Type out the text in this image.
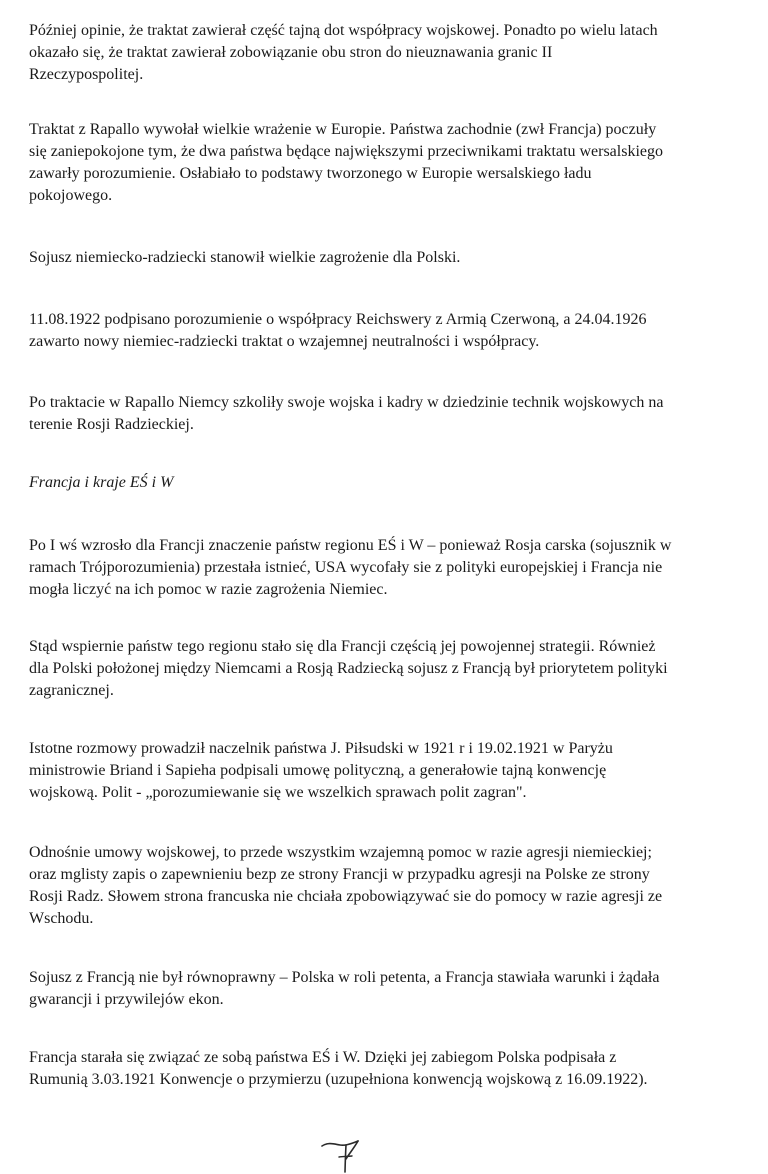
Później opinie, że traktat zawierał część tajną dot współpracy wojskowej. Ponadto po wielu latach
okazało się, że traktat zawierał zobowiązanie obu stron do nieuznawania granic II
Rzeczypospolitej.

Traktat z Rapallo wywołał wielkie wrażenie w Europie. Państwa zachodnie (zwł Francja) poczuły
się zaniepokojone tym, że dwa państwa będące największymi przeciwnikami traktatu wersalskiego
zawarły porozumienie. Osłabiało to podstawy tworzonego w Europie wersalskiego ładu
pokojowego.

Sojusz niemiecko-radziecki stanowił wielkie zagrożenie dla Polski.

11.08.1922 podpisano porozumienie o współpracy Reichswery z Armią Czerwoną, a 24.04.1926
zawarto nowy niemiec-radziecki traktat o wzajemnej neutralności i współpracy.

Po traktacie w Rapallo Niemcy szkoliły swoje wojska i kadry w dziedzinie technik wojskowych na
terenie Rosji Radzieckiej.

Francja i kraje EŚ i W

Po I wś wzrosło dla Francji znaczenie państw regionu EŚ i W – ponieważ Rosja carska (sojusznik w
ramach Trójporozumienia) przestała istnieć, USA wycofały sie z polityki europejskiej i Francja nie
mogła liczyć na ich pomoc w razie zagrożenia Niemiec.

Stąd wspiernie państw tego regionu stało się dla Francji częścią jej powojennej strategii. Również
dla Polski położonej między Niemcami a Rosją Radziecką sojusz z Francją był priorytetem polityki
zagranicznej.

Istotne rozmowy prowadził naczelnik państwa J. Piłsudski w 1921 r i 19.02.1921 w Paryżu
ministrowie Briand i Sapieha podpisali umowę polityczną, a generałowie tajną konwencję
wojskową. Polit - „porozumiewanie się we wszelkich sprawach polit zagran".

Odnośnie umowy wojskowej, to przede wszystkim wzajemną pomoc w razie agresji niemieckiej;
oraz mglisty zapis o zapewnieniu bezp ze strony Francji w przypadku agresji na Polske ze strony
Rosji Radz. Słowem strona francuska nie chciała zpobowiązywać sie do pomocy w razie agresji ze
Wschodu.

Sojusz z Francją nie był równoprawny – Polska w roli petenta, a Francja stawiała warunki i żądała
gwarancji i przywilejów ekon.

Francja starała się związać ze sobą państwa EŚ i W. Dzięki jej zabiegom Polska podpisała z
Rumunią 3.03.1921 Konwencje o przymierzu (uzupełniona konwencją wojskową z 16.09.1922).
